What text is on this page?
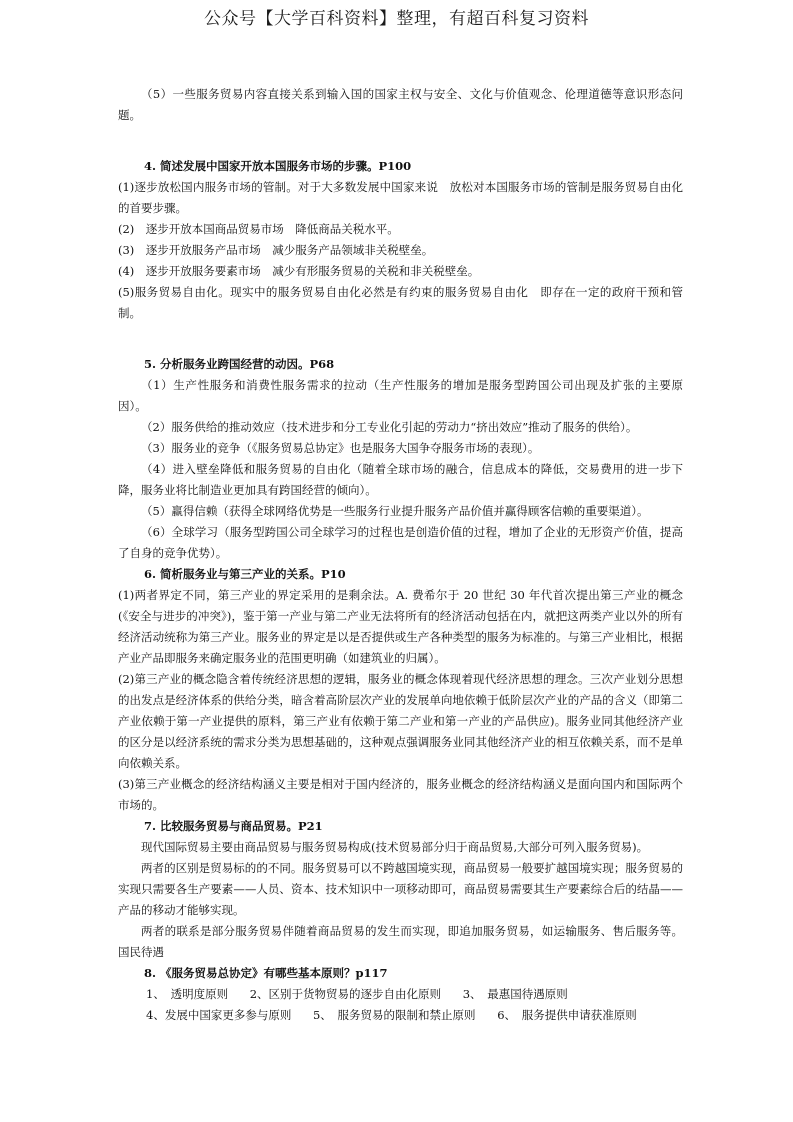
公众号【大学百科资料】整理，有超百科复习资料

（5）一些服务贸易内容直接关系到输入国的国家主权与安全、文化与价值观念、伦理道德等意识形态问题。

4. 简述发展中国家开放本国服务市场的步骤。P100

(1)逐步放松国内服务市场的管制。对于大多数发展中国家来说　放松对本国服务市场的管制是服务贸易自由化的首要步骤。

(2)　逐步开放本国商品贸易市场　降低商品关税水平。

(3)　逐步开放服务产品市场　减少服务产品领域非关税壁垒。

(4)　逐步开放服务要素市场　减少有形服务贸易的关税和非关税壁垒。

(5)服务贸易自由化。现实中的服务贸易自由化必然是有约束的服务贸易自由化　即存在一定的政府干预和管制。

5. 分析服务业跨国经营的动因。P68

（1）生产性服务和消费性服务需求的拉动（生产性服务的增加是服务型跨国公司出现及扩张的主要原因）。

（2）服务供给的推动效应（技术进步和分工专业化引起的劳动力“挤出效应”推动了服务的供给）。

（3）服务业的竞争（《服务贸易总协定》也是服务大国争夺服务市场的表现）。

（4）进入壁垒降低和服务贸易的自由化（随着全球市场的融合，信息成本的降低，交易费用的进一步下降，服务业将比制造业更加具有跨国经营的倾向）。

（5）赢得信赖（获得全球网络优势是一些服务行业提升服务产品价值并赢得顾客信赖的重要渠道）。

（6）全球学习（服务型跨国公司全球学习的过程也是创造价值的过程，增加了企业的无形资产价值，提高了自身的竞争优势）。

6. 简析服务业与第三产业的关系。P10

(1)两者界定不同，第三产业的界定采用的是剩余法。A. 费希尔于 20 世纪 30 年代首次提出第三产业的概念(《安全与进步的冲突》)，鉴于第一产业与第二产业无法将所有的经济活动包括在内，就把这两类产业以外的所有经济活动统称为第三产业。服务业的界定是以是否提供或生产各种类型的服务为标准的。与第三产业相比，根据产业产品即服务来确定服务业的范围更明确（如建筑业的归属）。

(2)第三产业的概念隐含着传统经济思想的逻辑，服务业的概念体现着现代经济思想的理念。三次产业划分思想的出发点是经济体系的供给分类，暗含着高阶层次产业的发展单向地依赖于低阶层次产业的产品的含义（即第二产业依赖于第一产业提供的原料，第三产业有依赖于第二产业和第一产业的产品供应)。服务业同其他经济产业的区分是以经济系统的需求分类为思想基础的，这种观点强调服务业同其他经济产业的相互依赖关系，而不是单向依赖关系。

(3)第三产业概念的经济结构涵义主要是相对于国内经济的，服务业概念的经济结构涵义是面向国内和国际两个市场的。

7. 比较服务贸易与商品贸易。P21

现代国际贸易主要由商品贸易与服务贸易构成(技术贸易部分归于商品贸易,大部分可列入服务贸易)。

两者的区别是贸易标的的不同。服务贸易可以不跨越国境实现，商品贸易一般要扩越国境实现；服务贸易的实现只需要各生产要素——人员、资本、技术知识中一项移动即可，商品贸易需要其生产要素综合后的结晶——产品的移动才能够实现。

两者的联系是部分服务贸易伴随着商品贸易的发生而实现，即追加服务贸易，如运输服务、售后服务等。 国民待遇

8. 《服务贸易总协定》有哪些基本原则？p117

1、　透明度原则 2、区别于货物贸易的逐步自由化原则 3、　最惠国待遇原则

4、发展中国家更多参与原则 5、　服务贸易的限制和禁止原则 6、　服务提供申请获准原则
